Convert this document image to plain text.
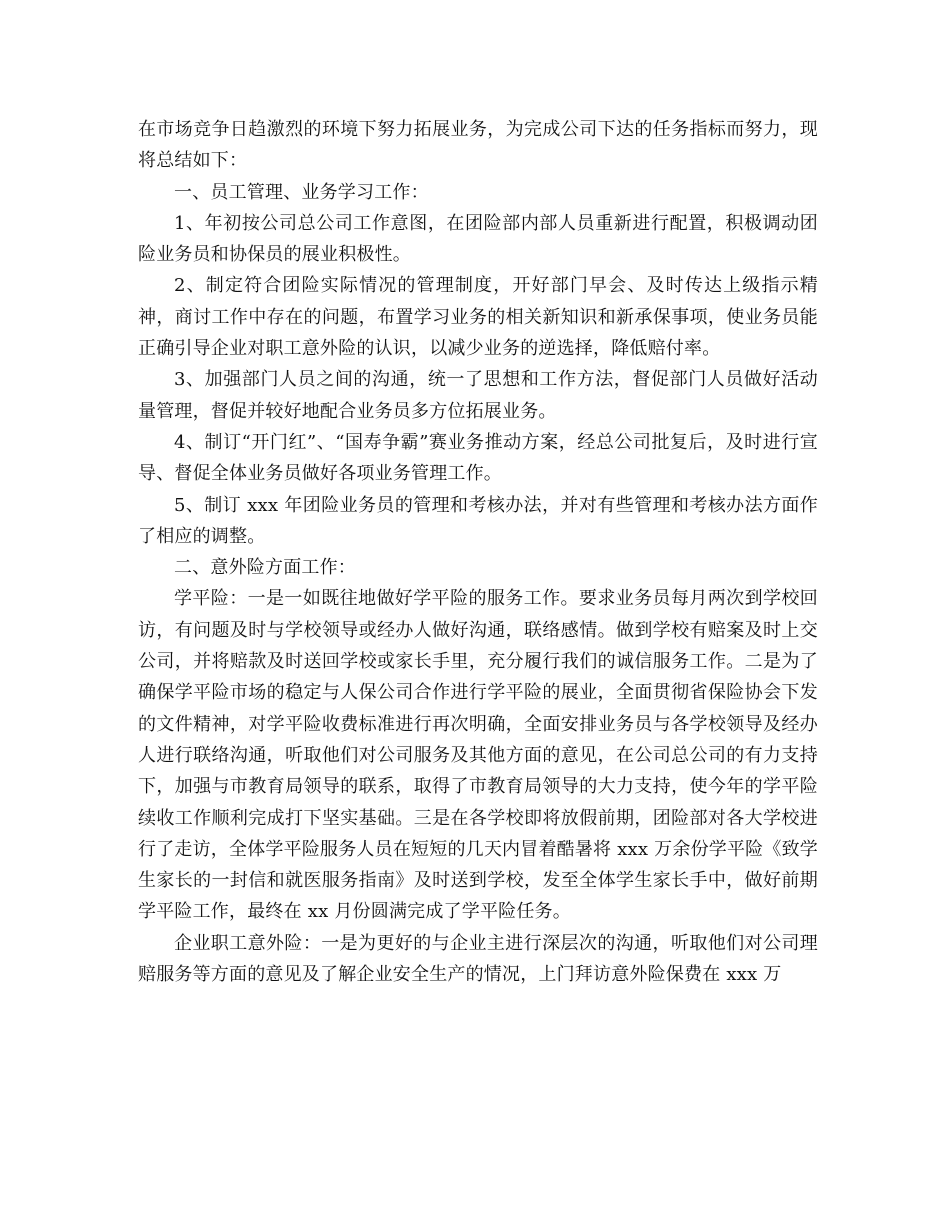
在市场竞争日趋激烈的环境下努力拓展业务，为完成公司下达的任务指标而努力，现将总结如下：

一、员工管理、业务学习工作：

1、年初按公司总公司工作意图，在团险部内部人员重新进行配置，积极调动团险业务员和协保员的展业积极性。

2、制定符合团险实际情况的管理制度，开好部门早会、及时传达上级指示精神，商讨工作中存在的问题，布置学习业务的相关新知识和新承保事项，使业务员能正确引导企业对职工意外险的认识，以减少业务的逆选择，降低赔付率。

3、加强部门人员之间的沟通，统一了思想和工作方法，督促部门人员做好活动量管理，督促并较好地配合业务员多方位拓展业务。

4、制订“开门红”、“国寿争霸”赛业务推动方案，经总公司批复后，及时进行宣导、督促全体业务员做好各项业务管理工作。

5、制订 xxx 年团险业务员的管理和考核办法，并对有些管理和考核办法方面作了相应的调整。

二、意外险方面工作：

学平险：一是一如既往地做好学平险的服务工作。要求业务员每月两次到学校回访，有问题及时与学校领导或经办人做好沟通，联络感情。做到学校有赔案及时上交公司，并将赔款及时送回学校或家长手里，充分履行我们的诚信服务工作。二是为了确保学平险市场的稳定与人保公司合作进行学平险的展业，全面贯彻省保险协会下发的文件精神，对学平险收费标准进行再次明确，全面安排业务员与各学校领导及经办人进行联络沟通，听取他们对公司服务及其他方面的意见，在公司总公司的有力支持下，加强与市教育局领导的联系，取得了市教育局领导的大力支持，使今年的学平险续收工作顺利完成打下坚实基础。三是在各学校即将放假前期，团险部对各大学校进行了走访，全体学平险服务人员在短短的几天内冒着酷暑将 xxx 万余份学平险《致学生家长的一封信和就医服务指南》及时送到学校，发至全体学生家长手中，做好前期学平险工作，最终在 xx 月份圆满完成了学平险任务。

企业职工意外险：一是为更好的与企业主进行深层次的沟通，听取他们对公司理赔服务等方面的意见及了解企业安全生产的情况，上门拜访意外险保费在 xxx 万
